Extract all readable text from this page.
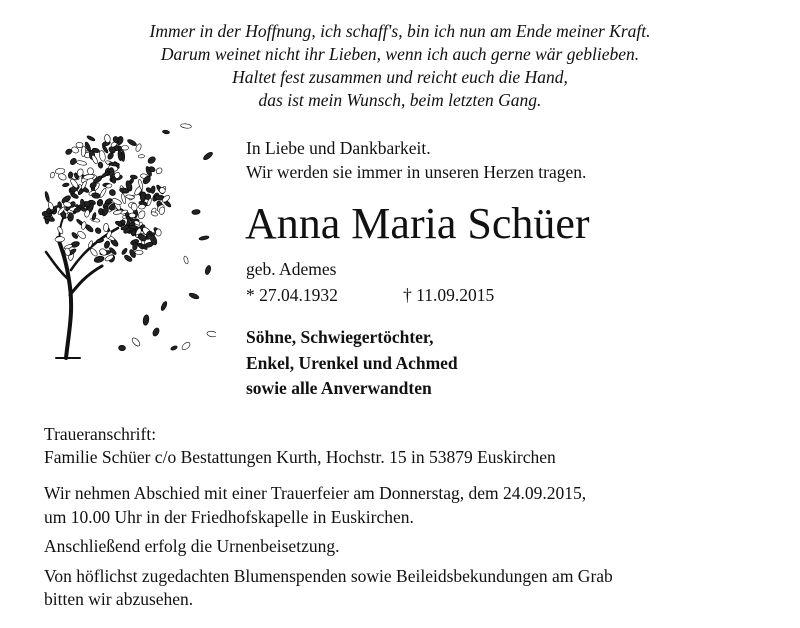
Immer in der Hoffnung, ich schaff's, bin ich nun am Ende meiner Kraft.
Darum weinet nicht ihr Lieben, wenn ich auch gerne wär geblieben.
Haltet fest zusammen und reicht euch die Hand,
das ist mein Wunsch, beim letzten Gang.
In Liebe und Dankbarkeit.
Wir werden sie immer in unseren Herzen tragen.
Anna Maria Schüer
geb. Ademes
* 27.04.1932	† 11.09.2015
Söhne, Schwiegertöchter,
Enkel, Urenkel und Achmed
sowie alle Anverwandten
Traueranschrift:
Familie Schüer c/o Bestattungen Kurth, Hochstr. 15 in 53879 Euskirchen
Wir nehmen Abschied mit einer Trauerfeier am Donnerstag, dem 24.09.2015,
um 10.00 Uhr in der Friedhofskapelle in Euskirchen.
Anschließend erfolg die Urnenbeisetzung.
Von höflichst zugedachten Blumenspenden sowie Beileidsbekundungen am Grab
bitten wir abzusehen.
